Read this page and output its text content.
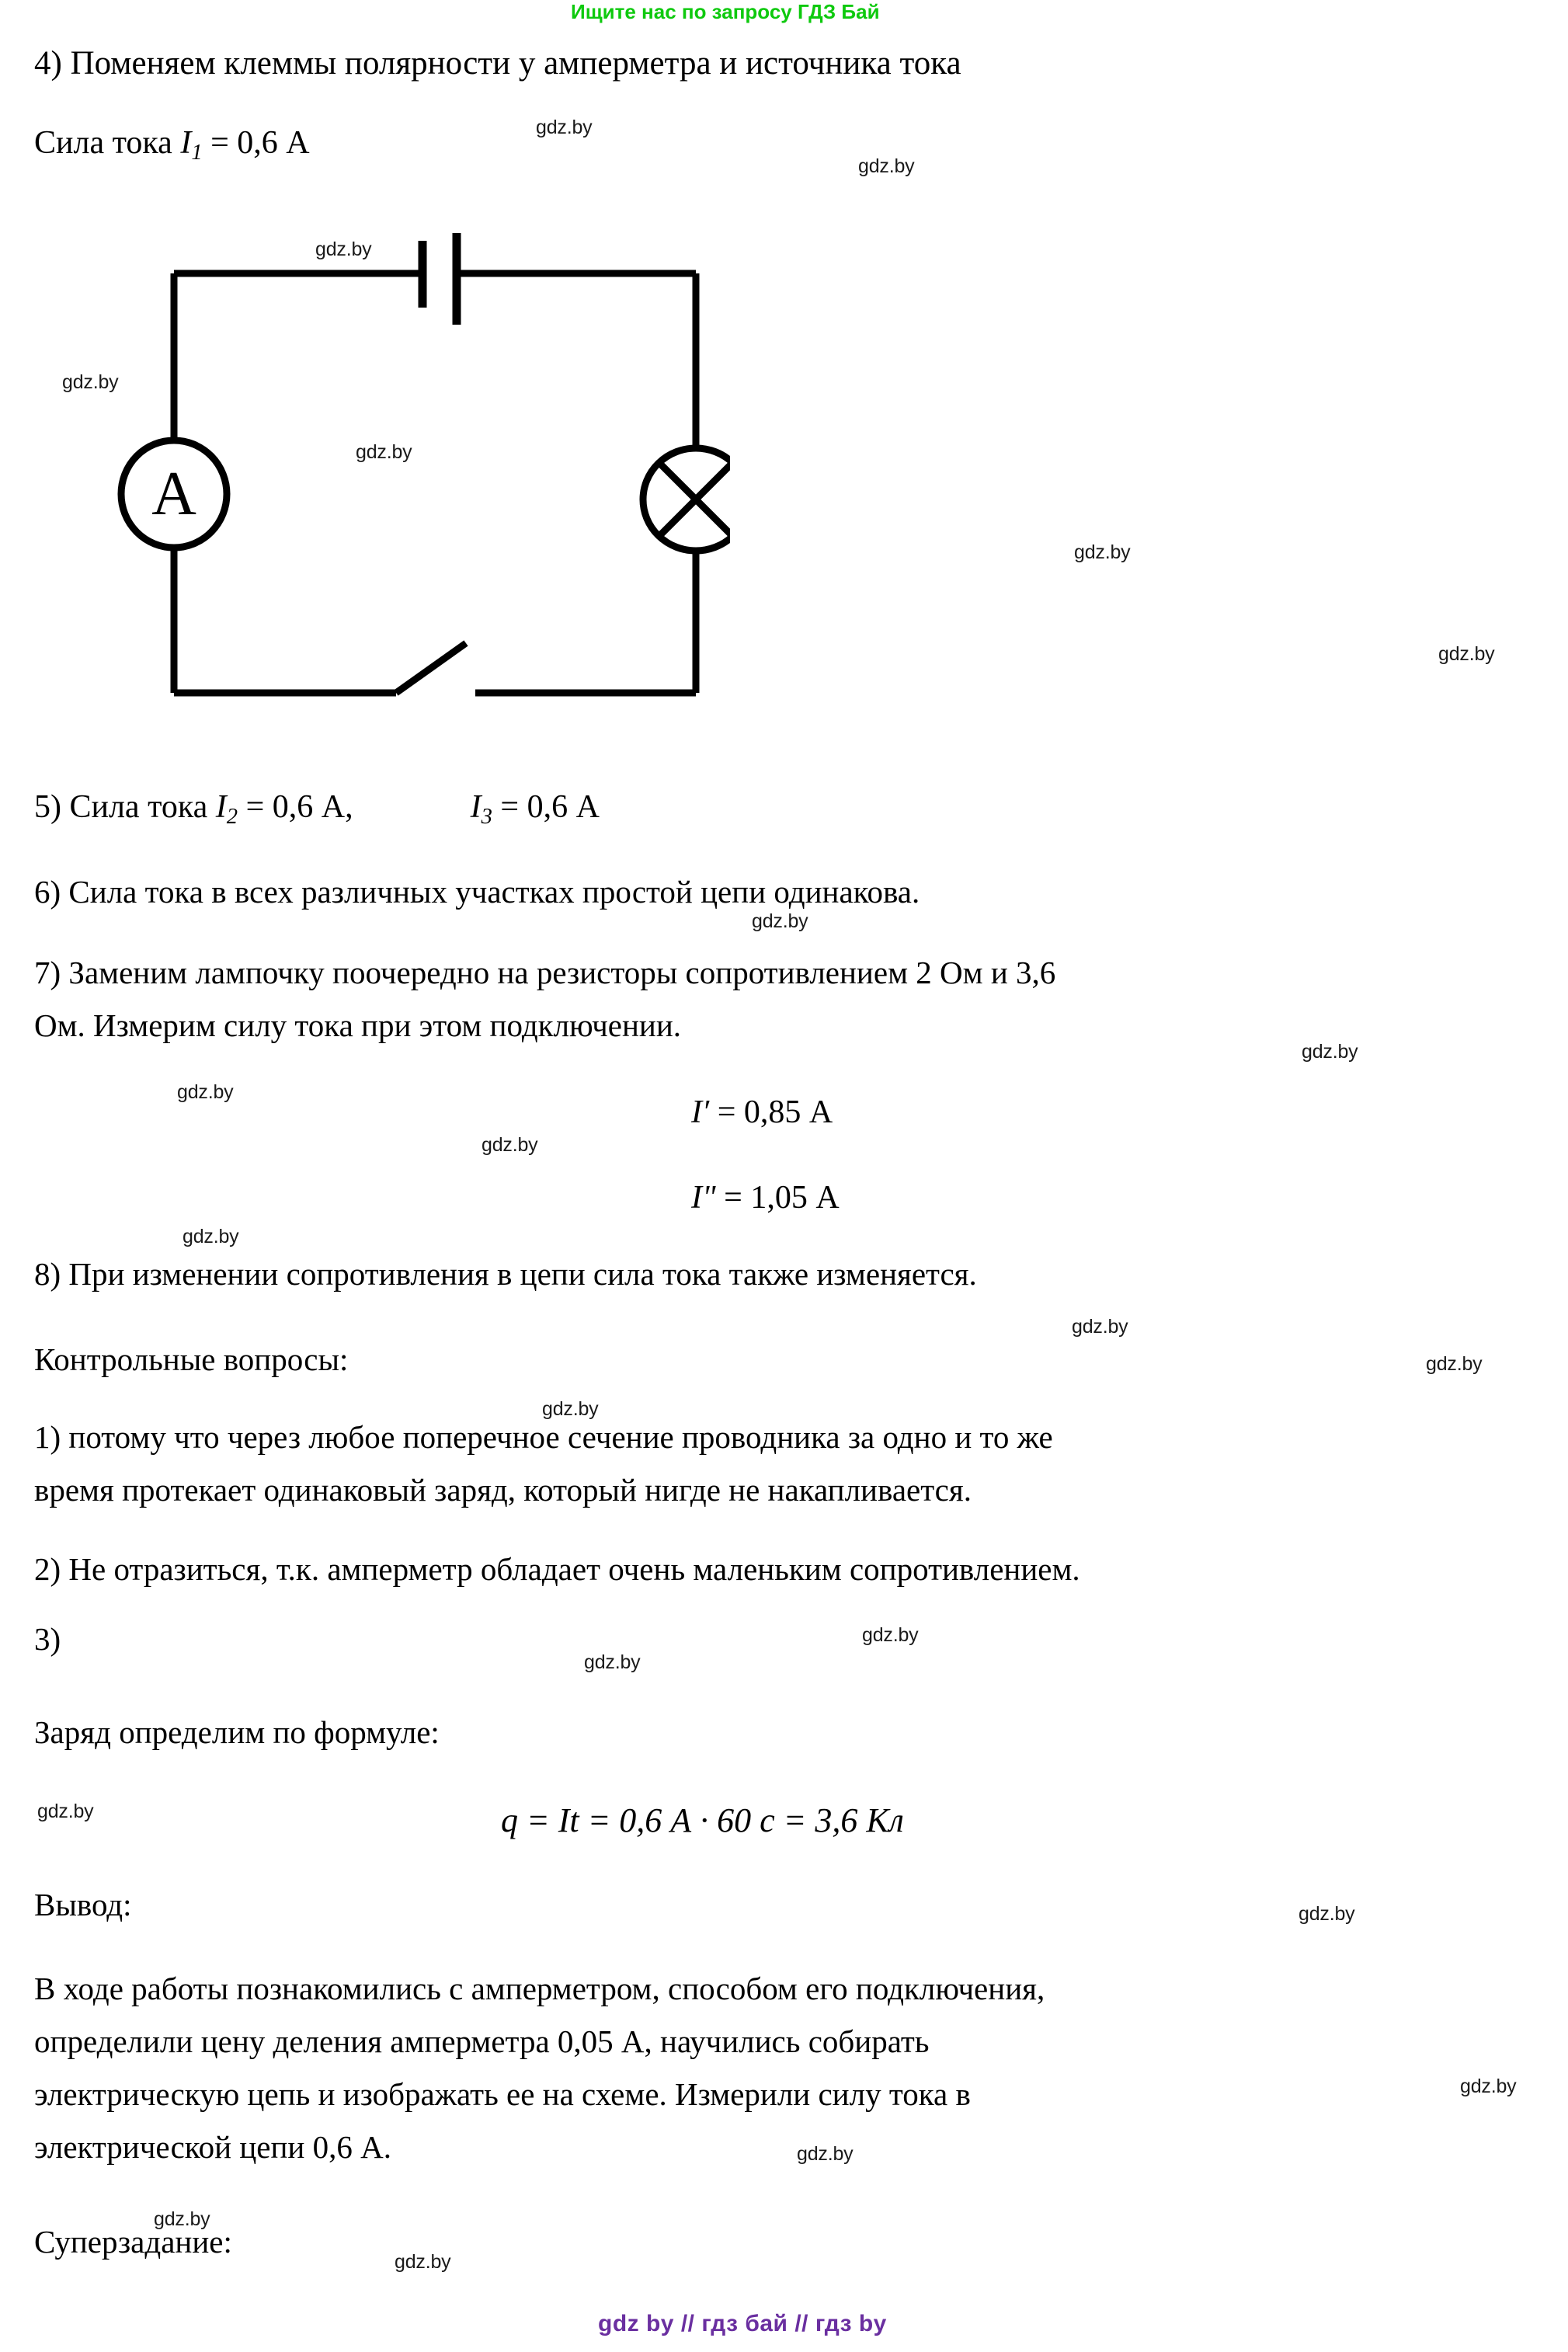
Ищите нас по запросу ГДЗ Бай
4) Поменяем клеммы полярности у амперметра и источника тока
Сила тока $I_1 = 0,6$ А
A
5) Сила тока $I_2 = 0,6$ А,	$I_3 = 0,6$ А
6) Сила тока в всех различных участках простой цепи одинакова.
7) Заменим лампочку поочередно на резисторы сопротивлением 2 Ом и 3,6
Ом. Измерим силу тока при этом подключении.
I′ = 0,85 А
I" = 1,05 А
8) При изменении сопротивления в цепи сила тока также изменяется.
Контрольные вопросы:
1) потому что через любое поперечное сечение проводника за одно и то же
время протекает одинаковый заряд, который нигде не накапливается.
2) Не отразиться, т.к. амперметр обладает очень маленьким сопротивлением.
3)
Заряд определим по формуле:
q = It = 0,6 А · 60 с = 3,6 Кл
Вывод:
В ходе работы познакомились с амперметром, способом его подключения,
определили цену деления амперметра 0,05 А, научились собирать
электрическую цепь и изображать ее на схеме. Измерили силу тока в
электрической цепи 0,6 А.
Суперзадание:
gdz by // гдз бай // гдз by
gdz.by
gdz.by
gdz.by
gdz.by
gdz.by
gdz.by
gdz.by
gdz.by
gdz.by
gdz.by
gdz.by
gdz.by
gdz.by
gdz.by
gdz.by
gdz.by
gdz.by
gdz.by
gdz.by
gdz.by
gdz.by
gdz.by
gdz.by
